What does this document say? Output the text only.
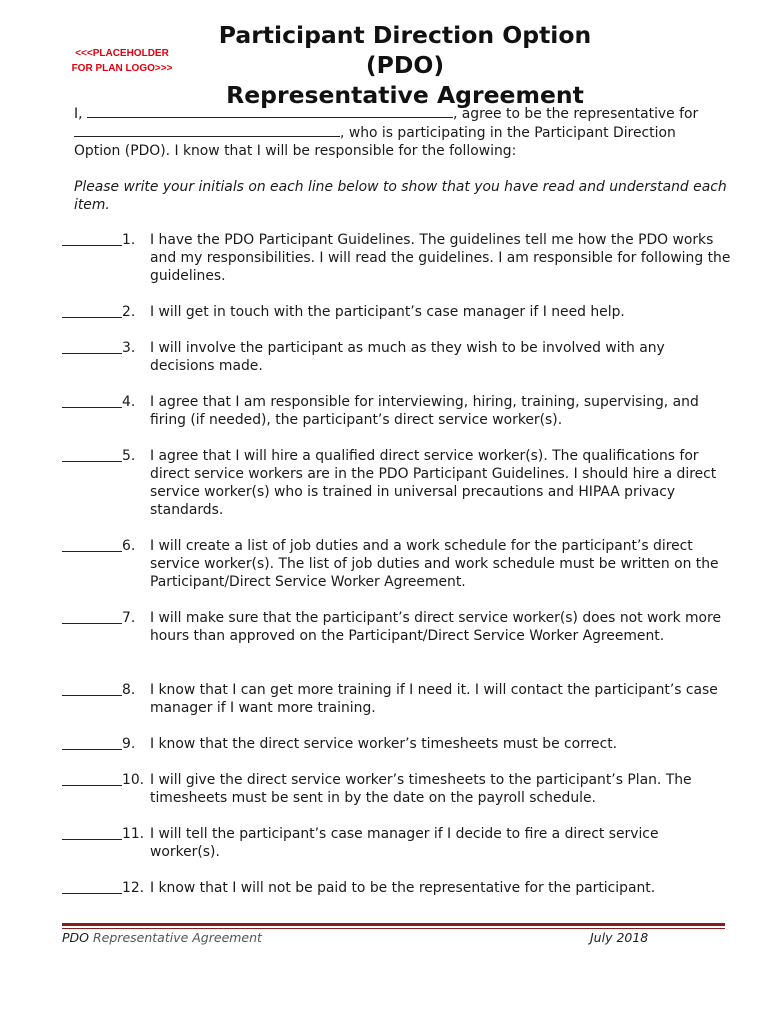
<<<PLACEHOLDER
FOR PLAN LOGO>>>
Participant Direction Option
(PDO)
Representative Agreement

I,	, agree to be the representative for
, who is participating in the Participant Direction
Option (PDO). I know that I will be responsible for the following:

Please write your initials on each line below to show that you have read and understand each item.

1.	I have the PDO Participant Guidelines. The guidelines tell me how the PDO works and my responsibilities. I will read the guidelines. I am responsible for following the guidelines.
2.	I will get in touch with the participant’s case manager if I need help.
3.	I will involve the participant as much as they wish to be involved with any decisions made.
4.	I agree that I am responsible for interviewing, hiring, training, supervising, and firing (if needed), the participant’s direct service worker(s).
5.	I agree that I will hire a qualified direct service worker(s). The qualifications for direct service workers are in the PDO Participant Guidelines. I should hire a direct service worker(s) who is trained in universal precautions and HIPAA privacy standards.
6.	I will create a list of job duties and a work schedule for the participant’s direct service worker(s). The list of job duties and work schedule must be written on the Participant/Direct Service Worker Agreement.
7.	I will make sure that the participant’s direct service worker(s) does not work more hours than approved on the Participant/Direct Service Worker Agreement.
8.	I know that I can get more training if I need it. I will contact the participant’s case manager if I want more training.
9.	I know that the direct service worker’s timesheets must be correct.
10. I will give the direct service worker’s timesheets to the participant’s Plan. The timesheets must be sent in by the date on the payroll schedule.
11. I will tell the participant’s case manager if I decide to fire a direct service worker(s).
12. I know that I will not be paid to be the representative for the participant.
PDO Representative Agreement	July 2018
